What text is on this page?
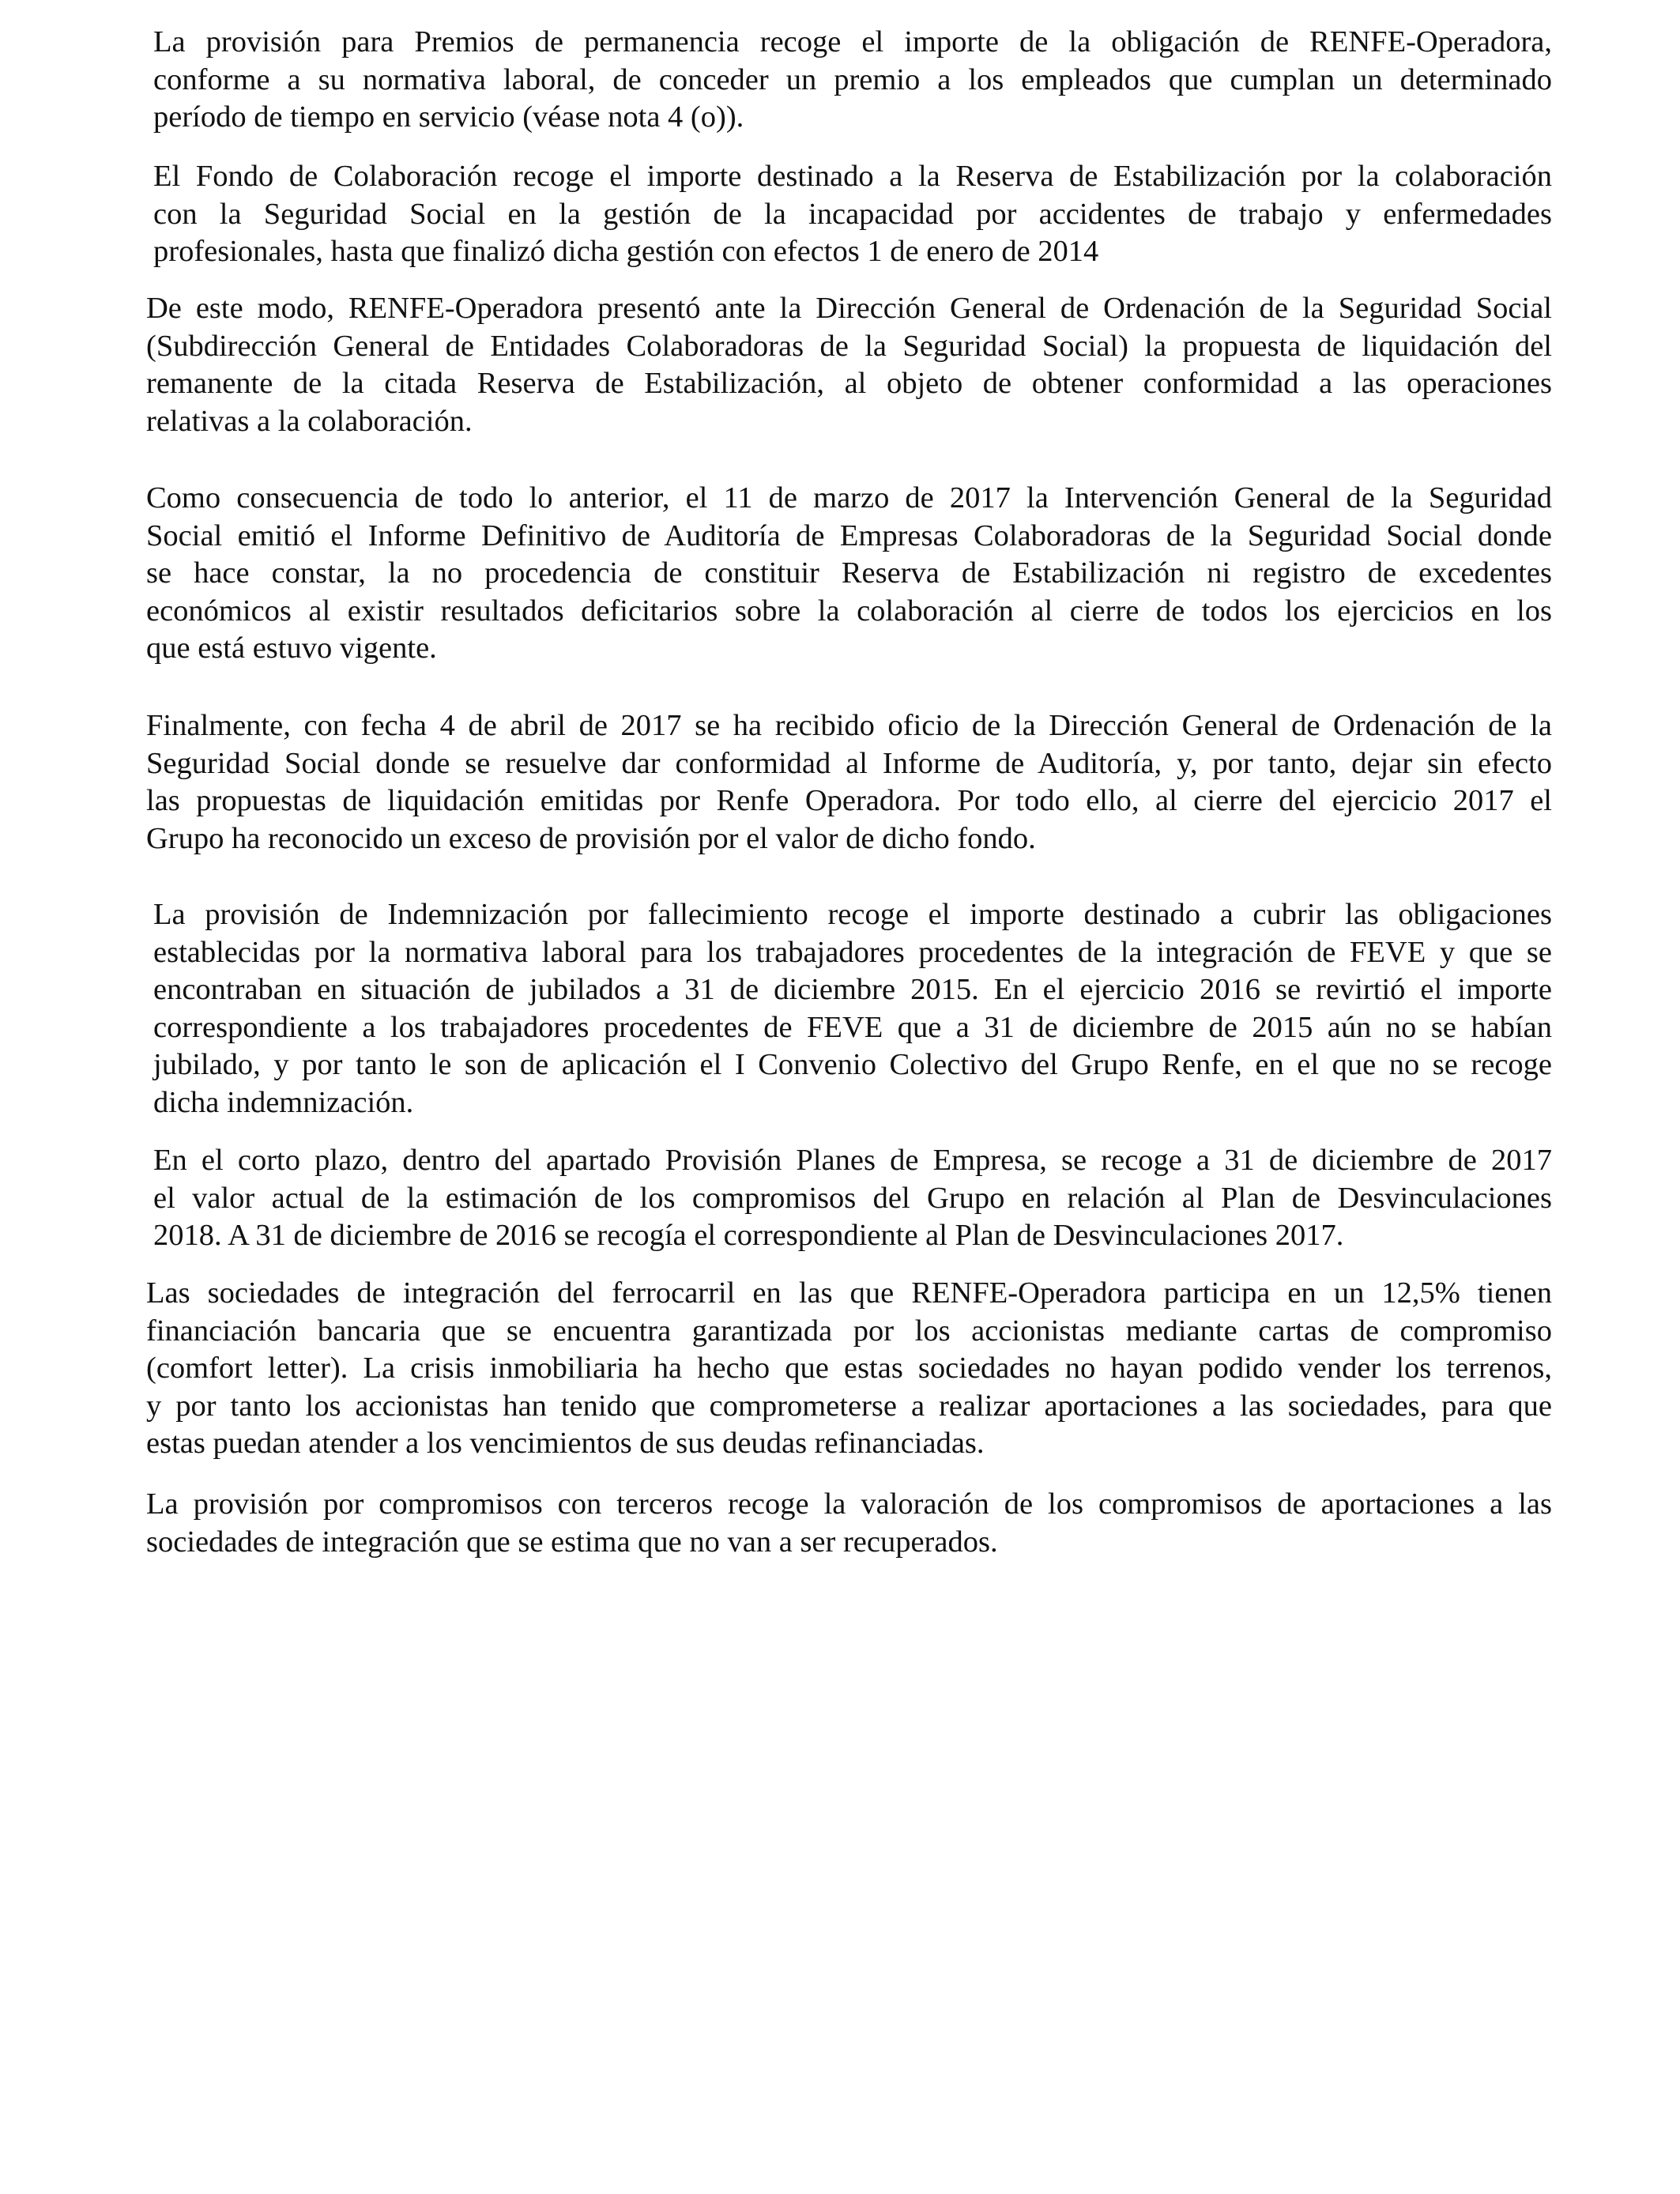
La provisión para Premios de permanencia recoge el importe de la obligación de RENFE-Operadora,
conforme a su normativa laboral, de conceder un premio a los empleados que cumplan un determinado
período de tiempo en servicio (véase nota 4 (o)).

El Fondo de Colaboración recoge el importe destinado a la Reserva de Estabilización por la colaboración
con la Seguridad Social en la gestión de la incapacidad por accidentes de trabajo y enfermedades
profesionales, hasta que finalizó dicha gestión con efectos 1 de enero de 2014

De este modo, RENFE-Operadora presentó ante la Dirección General de Ordenación de la Seguridad Social
(Subdirección General de Entidades Colaboradoras de la Seguridad Social) la propuesta de liquidación del
remanente de la citada Reserva de Estabilización, al objeto de obtener conformidad a las operaciones
relativas a la colaboración.

Como consecuencia de todo lo anterior, el 11 de marzo de 2017 la Intervención General de la Seguridad
Social emitió el Informe Definitivo de Auditoría de Empresas Colaboradoras de la Seguridad Social donde
se hace constar, la no procedencia de constituir Reserva de Estabilización ni registro de excedentes
económicos al existir resultados deficitarios sobre la colaboración al cierre de todos los ejercicios en los
que está estuvo vigente.

Finalmente, con fecha 4 de abril de 2017 se ha recibido oficio de la Dirección General de Ordenación de la
Seguridad Social donde se resuelve dar conformidad al Informe de Auditoría, y, por tanto, dejar sin efecto
las propuestas de liquidación emitidas por Renfe Operadora. Por todo ello, al cierre del ejercicio 2017 el
Grupo ha reconocido un exceso de provisión por el valor de dicho fondo.

La provisión de Indemnización por fallecimiento recoge el importe destinado a cubrir las obligaciones
establecidas por la normativa laboral para los trabajadores procedentes de la integración de FEVE y que se
encontraban en situación de jubilados a 31 de diciembre 2015. En el ejercicio 2016 se revirtió el importe
correspondiente a los trabajadores procedentes de FEVE que a 31 de diciembre de 2015 aún no se habían
jubilado, y por tanto le son de aplicación el I Convenio Colectivo del Grupo Renfe, en el que no se recoge
dicha indemnización.

En el corto plazo, dentro del apartado Provisión Planes de Empresa, se recoge a 31 de diciembre de 2017
el valor actual de la estimación de los compromisos del Grupo en relación al Plan de Desvinculaciones
2018. A 31 de diciembre de 2016 se recogía el correspondiente al Plan de Desvinculaciones 2017.

Las sociedades de integración del ferrocarril en las que RENFE-Operadora participa en un 12,5% tienen
financiación bancaria que se encuentra garantizada por los accionistas mediante cartas de compromiso
(comfort letter). La crisis inmobiliaria ha hecho que estas sociedades no hayan podido vender los terrenos,
y por tanto los accionistas han tenido que comprometerse a realizar aportaciones a las sociedades, para que
estas puedan atender a los vencimientos de sus deudas refinanciadas.

La provisión por compromisos con terceros recoge la valoración de los compromisos de aportaciones a las
sociedades de integración que se estima que no van a ser recuperados.
